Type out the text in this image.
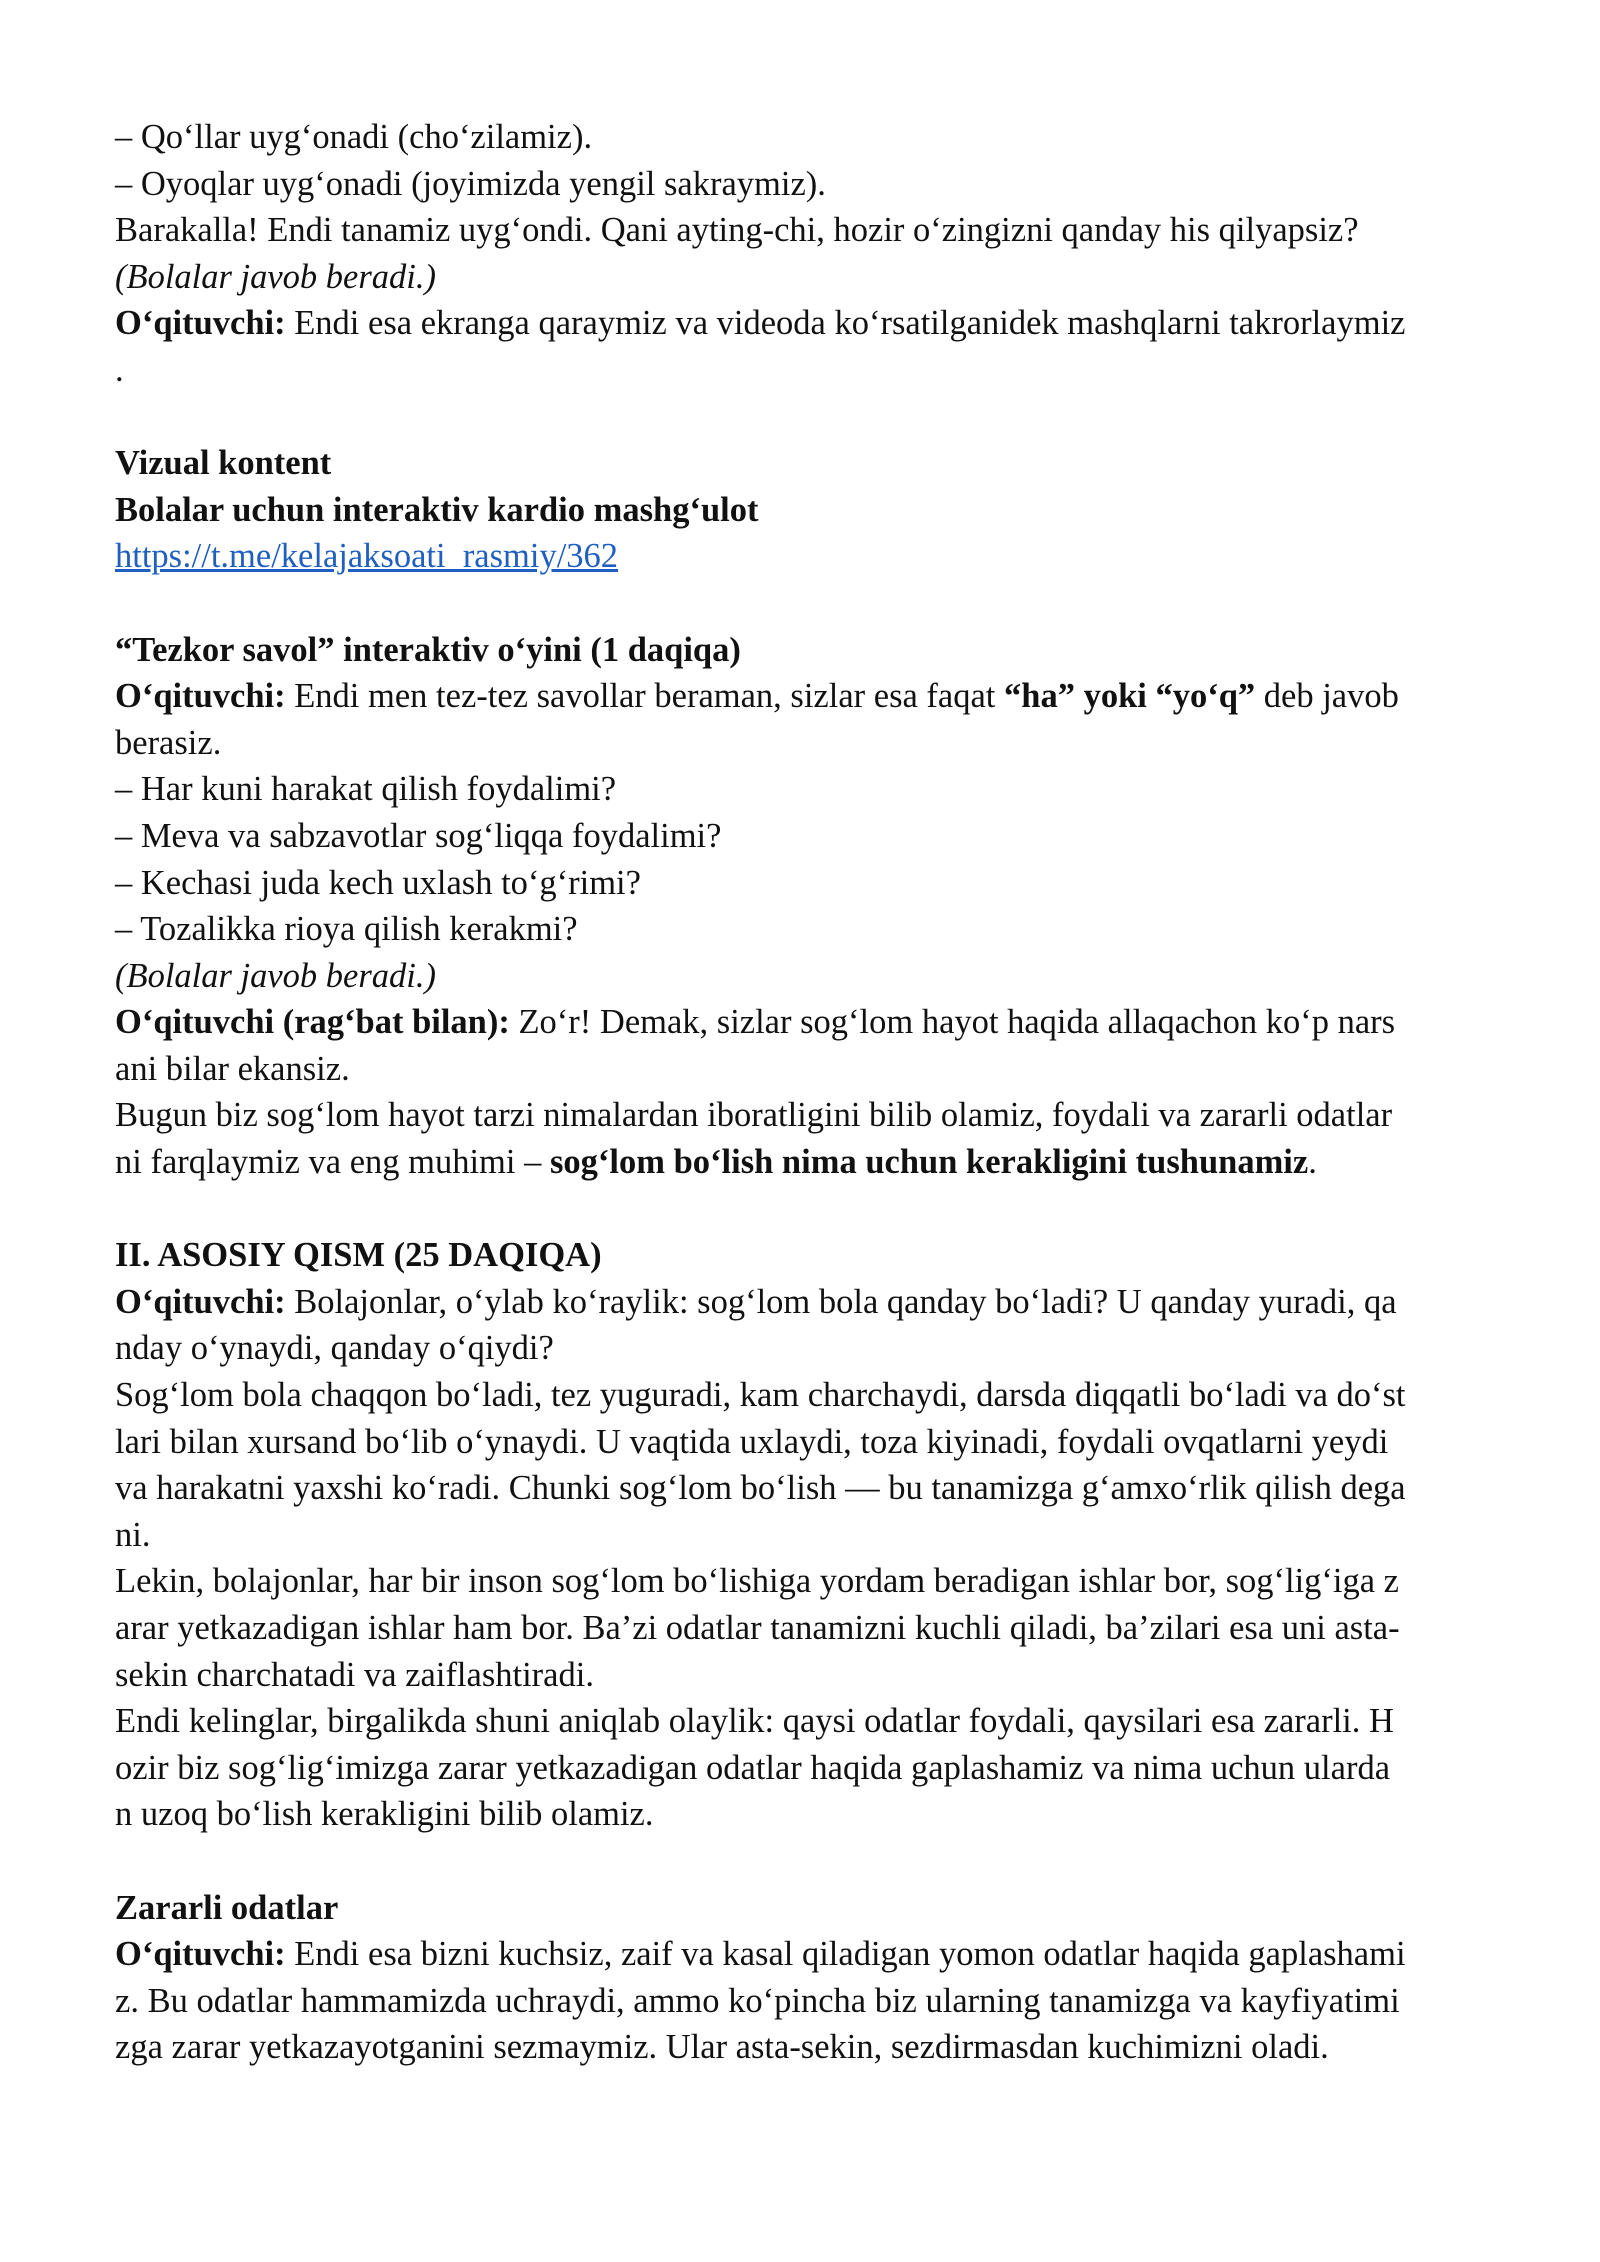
– Qo‘llar uyg‘onadi (cho‘zilamiz).
– Oyoqlar uyg‘onadi (joyimizda yengil sakraymiz).
Barakalla! Endi tanamiz uyg‘ondi. Qani ayting-chi, hozir o‘zingizni qanday his qilyapsiz?
(Bolalar javob beradi.)
O‘qituvchi: Endi esa ekranga qaraymiz va videoda ko‘rsatilganidek mashqlarni takrorlaymiz
.
Vizual kontent
Bolalar uchun interaktiv kardio mashg‘ulot
https://t.me/kelajaksoati_rasmiy/362
“Tezkor savol” interaktiv o‘yini (1 daqiqa)
O‘qituvchi: Endi men tez-tez savollar beraman, sizlar esa faqat “ha” yoki “yo‘q” deb javob
berasiz.
– Har kuni harakat qilish foydalimi?
– Meva va sabzavotlar sog‘liqqa foydalimi?
– Kechasi juda kech uxlash to‘g‘rimi?
– Tozalikka rioya qilish kerakmi?
(Bolalar javob beradi.)
O‘qituvchi (rag‘bat bilan): Zo‘r! Demak, sizlar sog‘lom hayot haqida allaqachon ko‘p nars
ani bilar ekansiz.
Bugun biz sog‘lom hayot tarzi nimalardan iboratligini bilib olamiz, foydali va zararli odatlar
ni farqlaymiz va eng muhimi – sog‘lom bo‘lish nima uchun kerakligini tushunamiz.
II. ASOSIY QISM (25 DAQIQA)
O‘qituvchi: Bolajonlar, o‘ylab ko‘raylik: sog‘lom bola qanday bo‘ladi? U qanday yuradi, qa
nday o‘ynaydi, qanday o‘qiydi?
Sog‘lom bola chaqqon bo‘ladi, tez yuguradi, kam charchaydi, darsda diqqatli bo‘ladi va do‘st
lari bilan xursand bo‘lib o‘ynaydi. U vaqtida uxlaydi, toza kiyinadi, foydali ovqatlarni yeydi
va harakatni yaxshi ko‘radi. Chunki sog‘lom bo‘lish — bu tanamizga g‘amxo‘rlik qilish dega
ni.
Lekin, bolajonlar, har bir inson sog‘lom bo‘lishiga yordam beradigan ishlar bor, sog‘lig‘iga z
arar yetkazadigan ishlar ham bor. Ba’zi odatlar tanamizni kuchli qiladi, ba’zilari esa uni asta-
sekin charchatadi va zaiflashtiradi.
Endi kelinglar, birgalikda shuni aniqlab olaylik: qaysi odatlar foydali, qaysilari esa zararli. H
ozir biz sog‘lig‘imizga zarar yetkazadigan odatlar haqida gaplashamiz va nima uchun ularda
n uzoq bo‘lish kerakligini bilib olamiz.
Zararli odatlar
O‘qituvchi: Endi esa bizni kuchsiz, zaif va kasal qiladigan yomon odatlar haqida gaplashami
z. Bu odatlar hammamizda uchraydi, ammo ko‘pincha biz ularning tanamizga va kayfiyatimi
zga zarar yetkazayotganini sezmaymiz. Ular asta-sekin, sezdirmasdan kuchimizni oladi.
